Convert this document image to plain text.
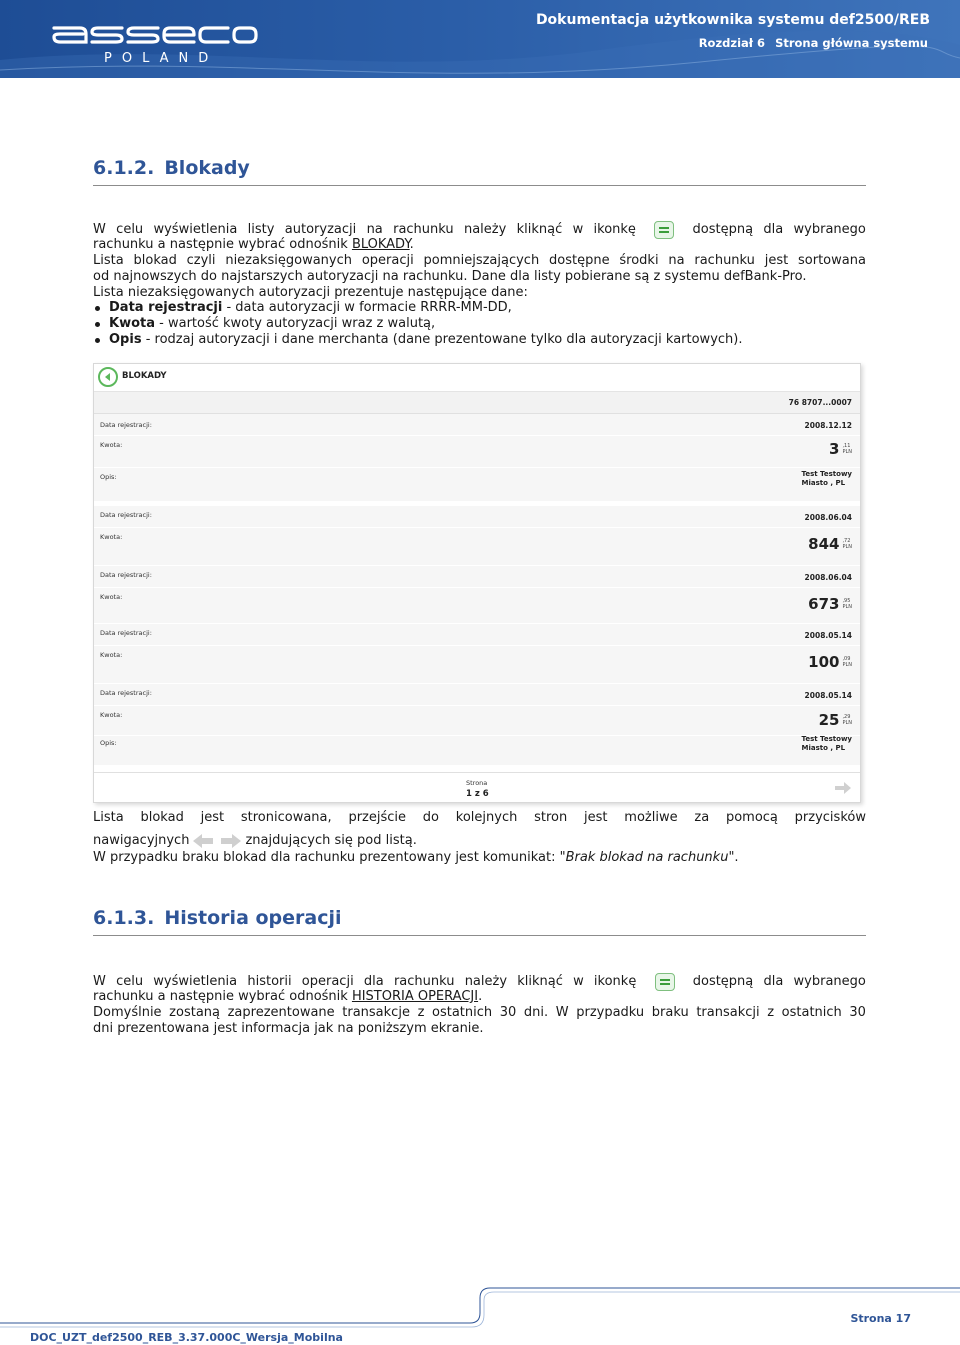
POLAND
Dokumentacja użytkownika systemu def2500/REB
Rozdział 6 Strona główna systemu
6.1.2. Blokady
W celu wyświetlenia listy autoryzacji na rachunku należy kliknąć w ikonkę	dostępną dla wybranego
rachunku a następnie wybrać odnośnik BLOKADY.
Lista blokad czyli niezaksięgowanych operacji pomniejszających dostępne środki na rachunku jest sortowana
od najnowszych do najstarszych autoryzacji na rachunku. Dane dla listy pobierane są z systemu defBank-Pro.
Lista niezaksięgowanych autoryzacji prezentuje następujące dane:
Data rejestracji - data autoryzacji w formacie RRRR-MM-DD,
Kwota - wartość kwoty autoryzacji wraz z walutą,
Opis - rodzaj autoryzacji i dane merchanta (dane prezentowane tylko dla autoryzacji kartowych).
BLOKADY
76 8707...0007
Data rejestracji:	2008.12.12
Kwota:	3 ,11
PLN
Opis:	Test Testowy
Miasto , PL
Data rejestracji:	2008.06.04
Kwota:	844 ,72
PLN
Data rejestracji:	2008.06.04
Kwota:	673 ,95
PLN
Data rejestracji:	2008.05.14
Kwota:	100 ,09
PLN
Data rejestracji:	2008.05.14
Kwota:	25 ,29
PLN
Opis:	Test Testowy
Miasto , PL
Strona
1 z 6
Lista blokad jest stronicowana, przejście do kolejnych stron jest możliwe za pomocą przycisków
nawigacyjnych	znajdujących się pod listą.
W przypadku braku blokad dla rachunku prezentowany jest komunikat: "Brak blokad na rachunku".
6.1.3. Historia operacji
W celu wyświetlenia historii operacji dla rachunku należy kliknąć w ikonkę	dostępną dla wybranego
rachunku a następnie wybrać odnośnik HISTORIA OPERACJI.
Domyślnie zostaną zaprezentowane transakcje z ostatnich 30 dni. W przypadku braku transakcji z ostatnich 30
dni prezentowana jest informacja jak na poniższym ekranie.
Strona 17
DOC_UZT_def2500_REB_3.37.000C_Wersja_Mobilna
